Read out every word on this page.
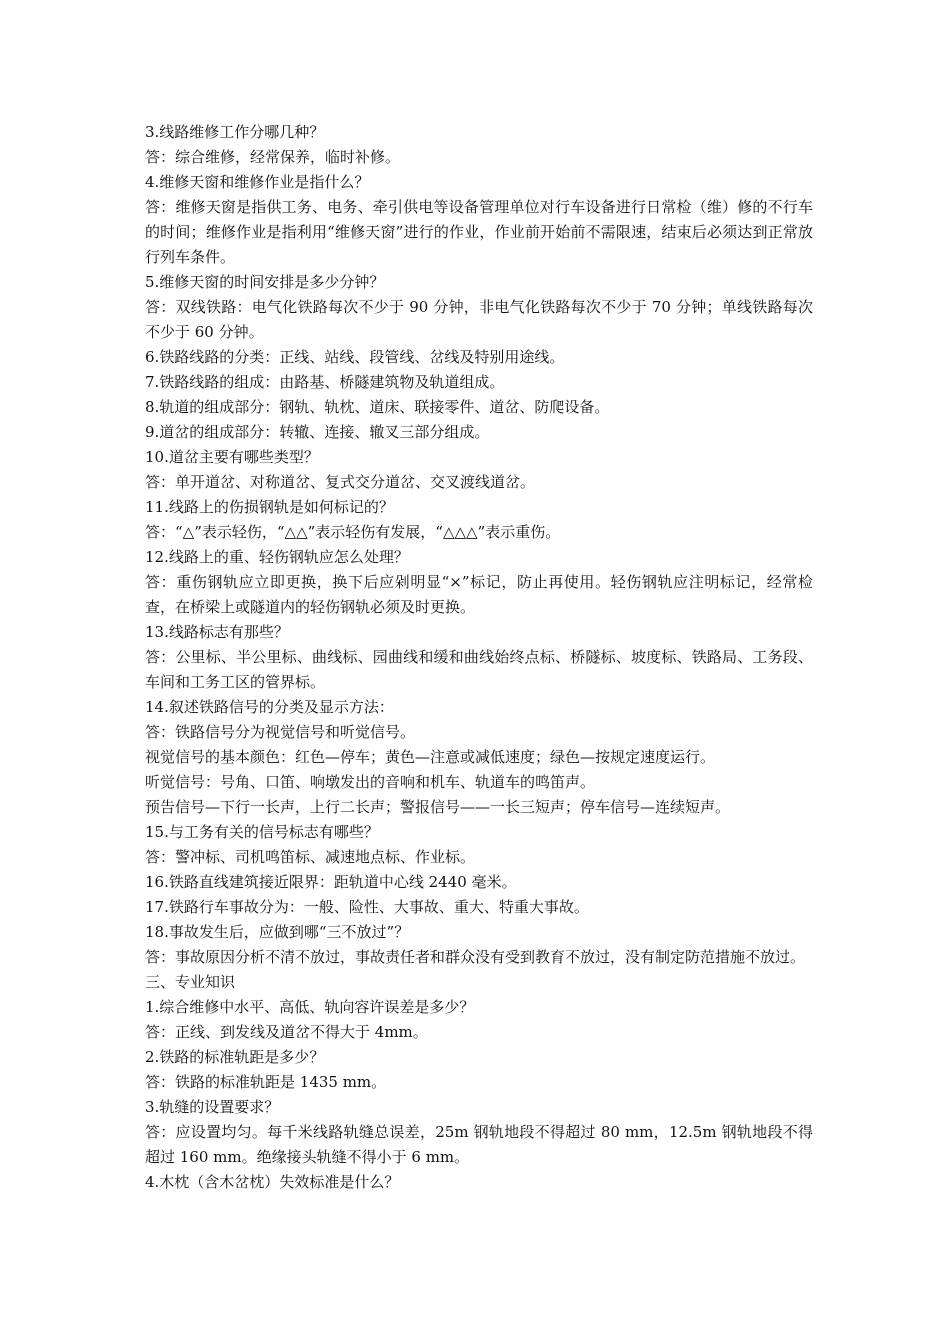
3.线路维修工作分哪几种？

答：综合维修，经常保养，临时补修。

4.维修天窗和维修作业是指什么？

答：维修天窗是指供工务、电务、牵引供电等设备管理单位对行车设备进行日常检（维）修的不行车的时间；维修作业是指利用“维修天窗”进行的作业，作业前开始前不需限速，结束后必须达到正常放行列车条件。

5.维修天窗的时间安排是多少分钟？

答：双线铁路：电气化铁路每次不少于 90 分钟，非电气化铁路每次不少于 70 分钟；单线铁路每次不少于 60 分钟。

6.铁路线路的分类：正线、站线、段管线、岔线及特别用途线。

7.铁路线路的组成：由路基、桥隧建筑物及轨道组成。

8.轨道的组成部分：钢轨、轨枕、道床、联接零件、道岔、防爬设备。

9.道岔的组成部分：转辙、连接、辙叉三部分组成。

10.道岔主要有哪些类型？

答：单开道岔、对称道岔、复式交分道岔、交叉渡线道岔。

11.线路上的伤损钢轨是如何标记的？

答：“△”表示轻伤，“△△”表示轻伤有发展，“△△△”表示重伤。

12.线路上的重、轻伤钢轨应怎么处理？

答：重伤钢轨应立即更换，换下后应剁明显“×”标记，防止再使用。轻伤钢轨应注明标记，经常检查，在桥梁上或隧道内的轻伤钢轨必须及时更换。

13.线路标志有那些？

答：公里标、半公里标、曲线标、园曲线和缓和曲线始终点标、桥隧标、坡度标、铁路局、工务段、车间和工务工区的管界标。

14.叙述铁路信号的分类及显示方法：

答：铁路信号分为视觉信号和听觉信号。

视觉信号的基本颜色：红色—停车；黄色—注意或减低速度；绿色—按规定速度运行。

听觉信号：号角、口笛、响墩发出的音响和机车、轨道车的鸣笛声。

预告信号—下行一长声，上行二长声；警报信号——一长三短声；停车信号—连续短声。

15.与工务有关的信号标志有哪些？

答：警冲标、司机鸣笛标、减速地点标、作业标。

16.铁路直线建筑接近限界：距轨道中心线 2440 毫米。

17.铁路行车事故分为：一般、险性、大事故、重大、特重大事故。

18.事故发生后，应做到哪“三不放过”？

答：事故原因分析不清不放过，事故责任者和群众没有受到教育不放过，没有制定防范措施不放过。

三、专业知识

1.综合维修中水平、高低、轨向容许误差是多少？

答：正线、到发线及道岔不得大于 4mm。

2.铁路的标准轨距是多少？

答：铁路的标准轨距是 1435 mm。

3.轨缝的设置要求？

答：应设置均匀。每千米线路轨缝总误差，25m 钢轨地段不得超过 80 mm，12.5m 钢轨地段不得超过 160 mm。绝缘接头轨缝不得小于 6 mm。

4.木枕（含木岔枕）失效标准是什么？
